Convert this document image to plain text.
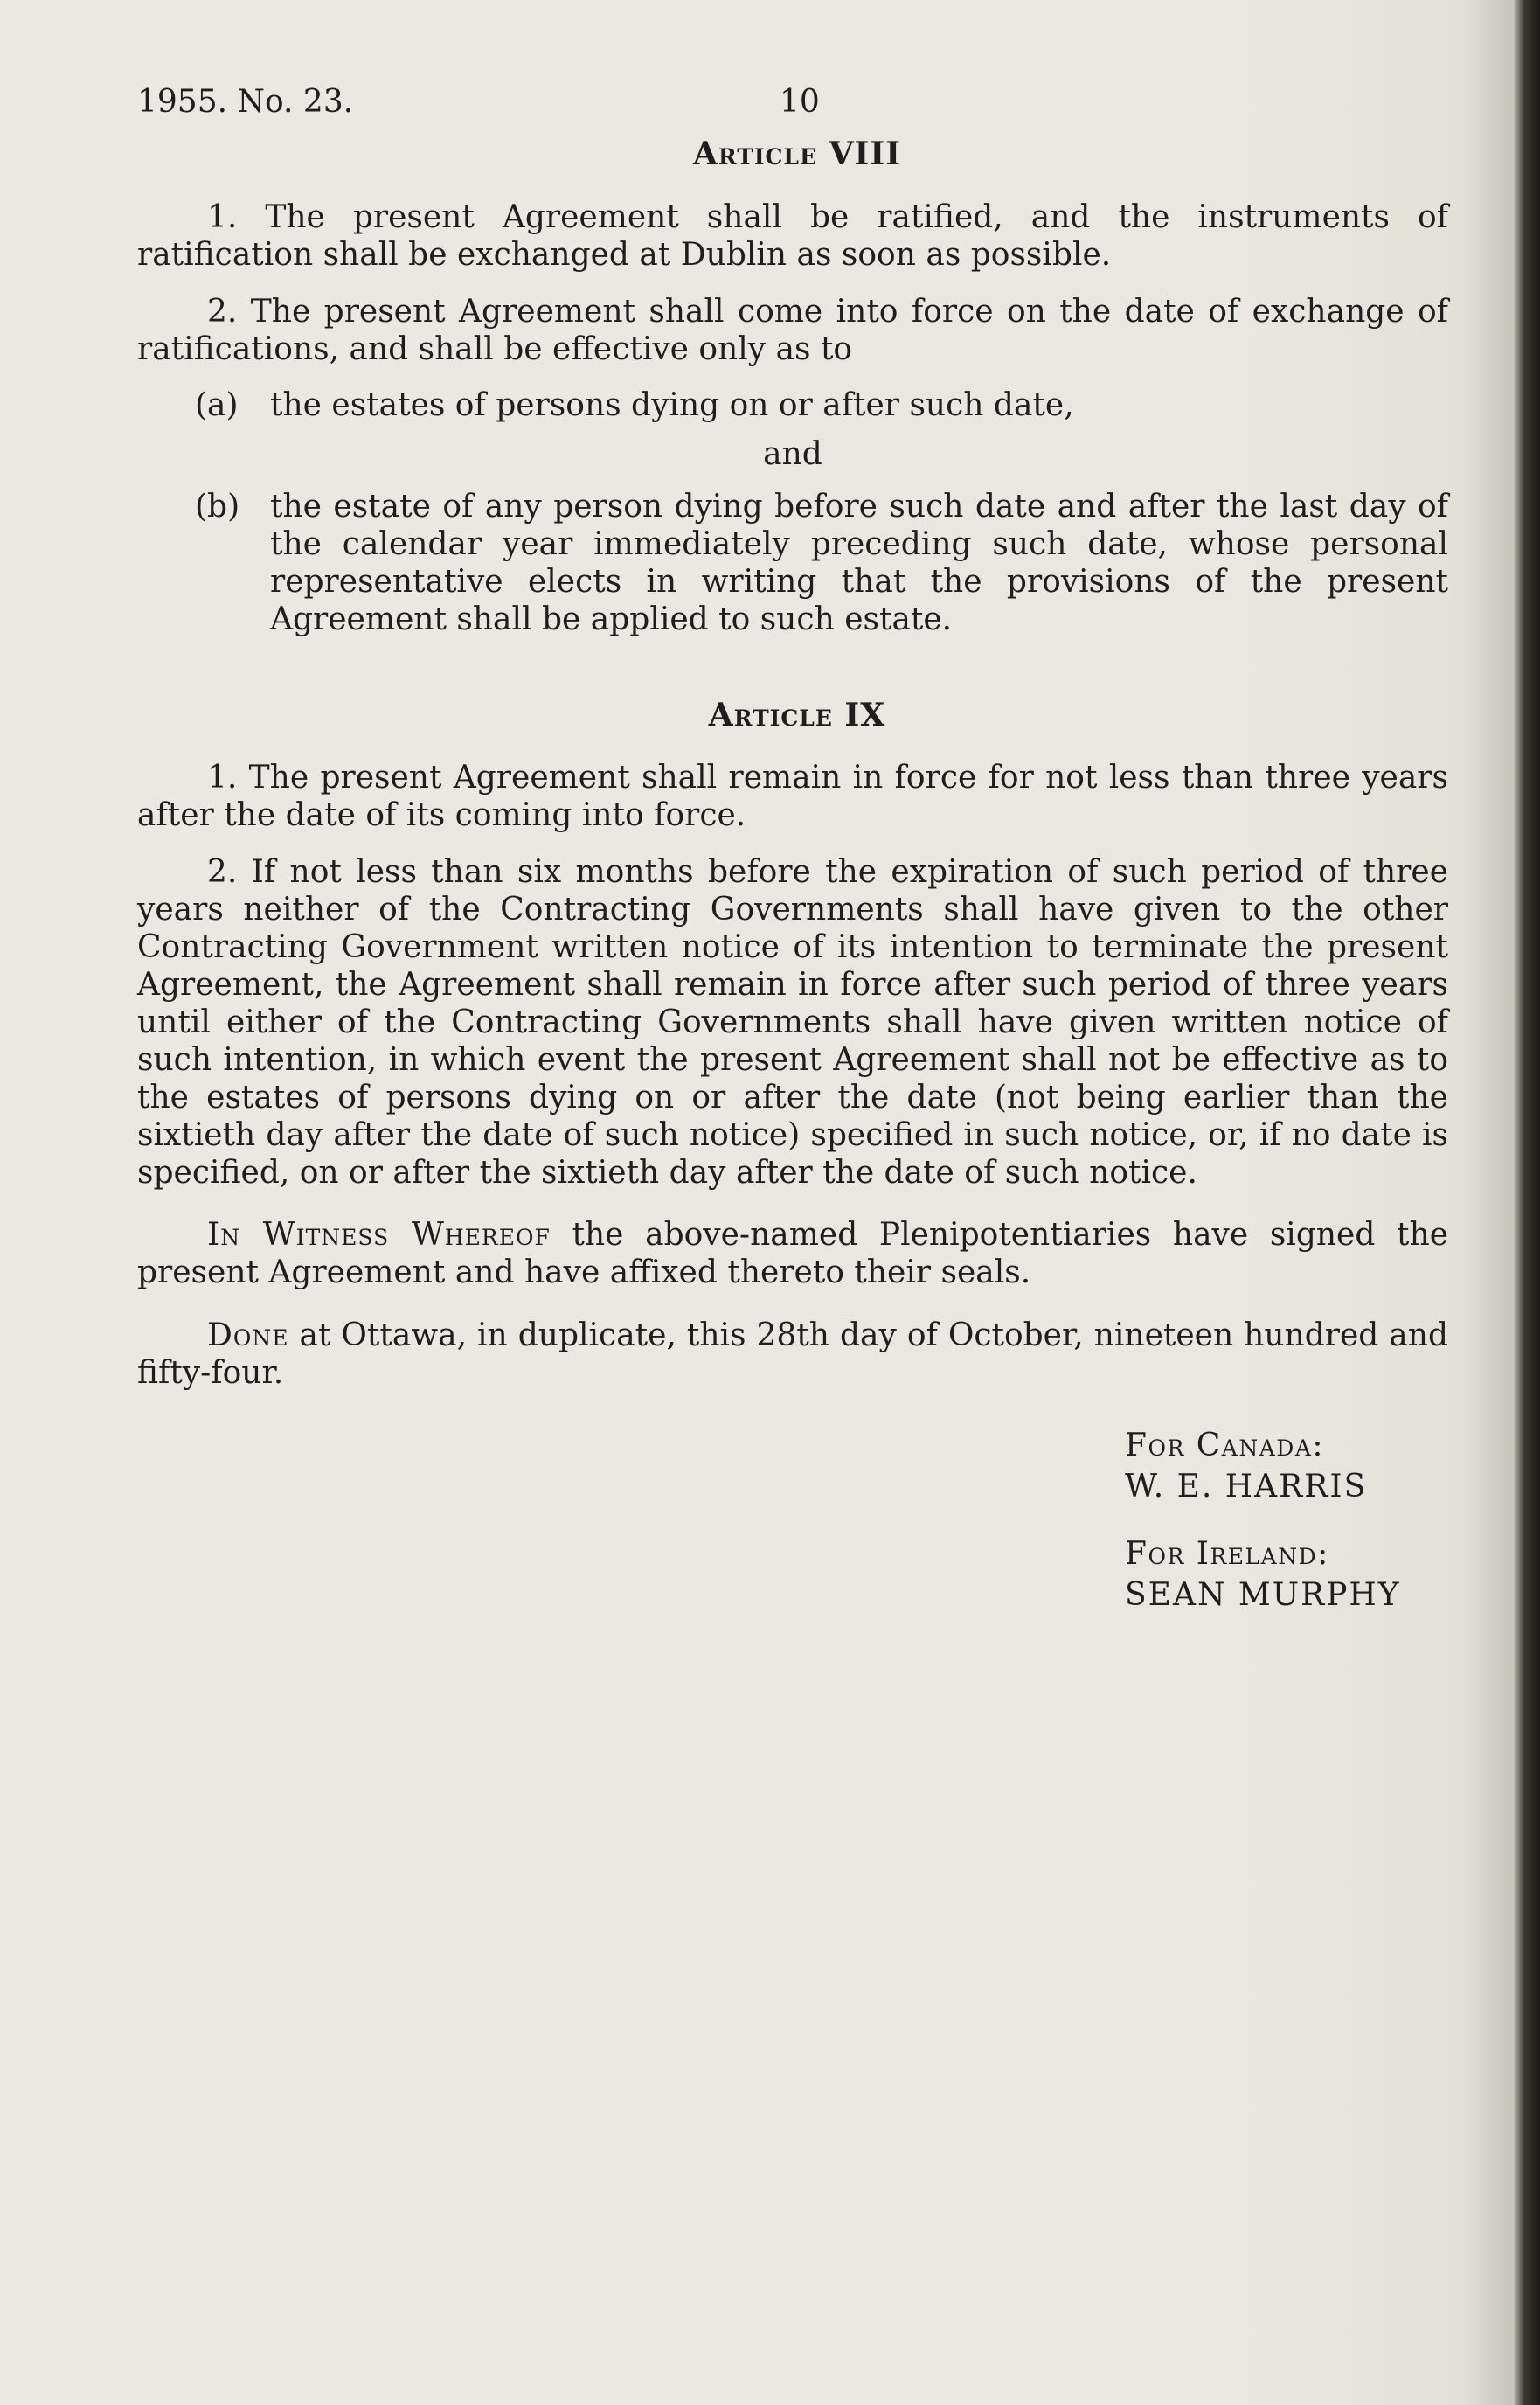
1955. No. 23.	10
Article VIII

1. The present Agreement shall be ratified, and the instruments of ratification shall be exchanged at Dublin as soon as possible.

2. The present Agreement shall come into force on the date of exchange of ratifications, and shall be effective only as to

(a)	the estates of persons dying on or after such date,
and
(b) the estate of any person dying before such date and after the last day of the calendar year immediately preceding such date, whose personal representative elects in writing that the provisions of the present Agreement shall be applied to such estate.
Article IX

1. The present Agreement shall remain in force for not less than three years after the date of its coming into force.

2. If not less than six months before the expiration of such period of three years neither of the Contracting Governments shall have given to the other Contracting Government written notice of its intention to terminate the present Agreement, the Agreement shall remain in force after such period of three years until either of the Contracting Governments shall have given written notice of such intention, in which event the present Agreement shall not be effective as to the estates of persons dying on or after the date (not being earlier than the sixtieth day after the date of such notice) specified in such notice, or, if no date is specified, on or after the sixtieth day after the date of such notice.

In Witness Whereof the above-named Plenipotentiaries have signed the present Agreement and have affixed thereto their seals.

Done at Ottawa, in duplicate, this 28th day of October, nineteen hundred and fifty-four.

For Canada:
W. E. HARRIS
For Ireland:
SEAN MURPHY
